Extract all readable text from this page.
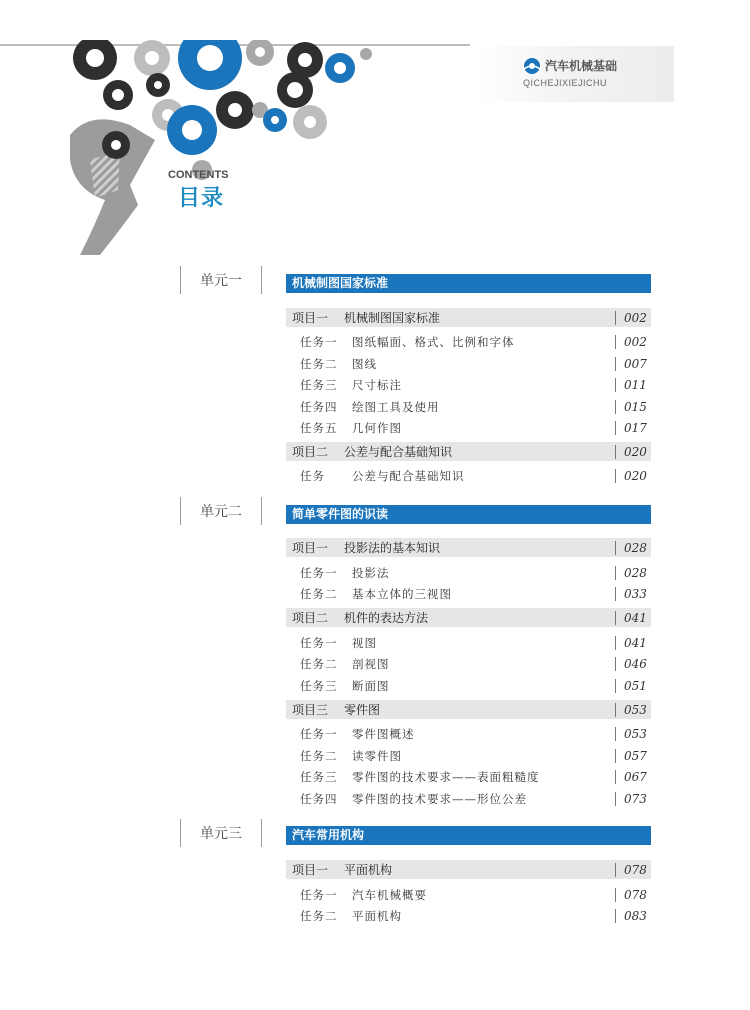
汽车机械基础
QICHEJIXIEJICHU
CONTENTS
目录
单元一	机械制图国家标准
项目一	机械制图国家标准	002
任务一	图纸幅面、格式、比例和字体	002
任务二	图线	007
任务三	尺寸标注	011
任务四	绘图工具及使用	015
任务五	几何作图	017
项目二	公差与配合基础知识	020
任务	公差与配合基础知识	020
单元二	简单零件图的识读
项目一	投影法的基本知识	028
任务一	投影法	028
任务二	基本立体的三视图	033
项目二	机件的表达方法	041
任务一	视图	041
任务二	剖视图	046
任务三	断面图	051
项目三	零件图	053
任务一	零件图概述	053
任务二	读零件图	057
任务三	零件图的技术要求——表面粗糙度	067
任务四	零件图的技术要求——形位公差	073
单元三	汽车常用机构
项目一	平面机构	078
任务一	汽车机械概要	078
任务二	平面机构	083
